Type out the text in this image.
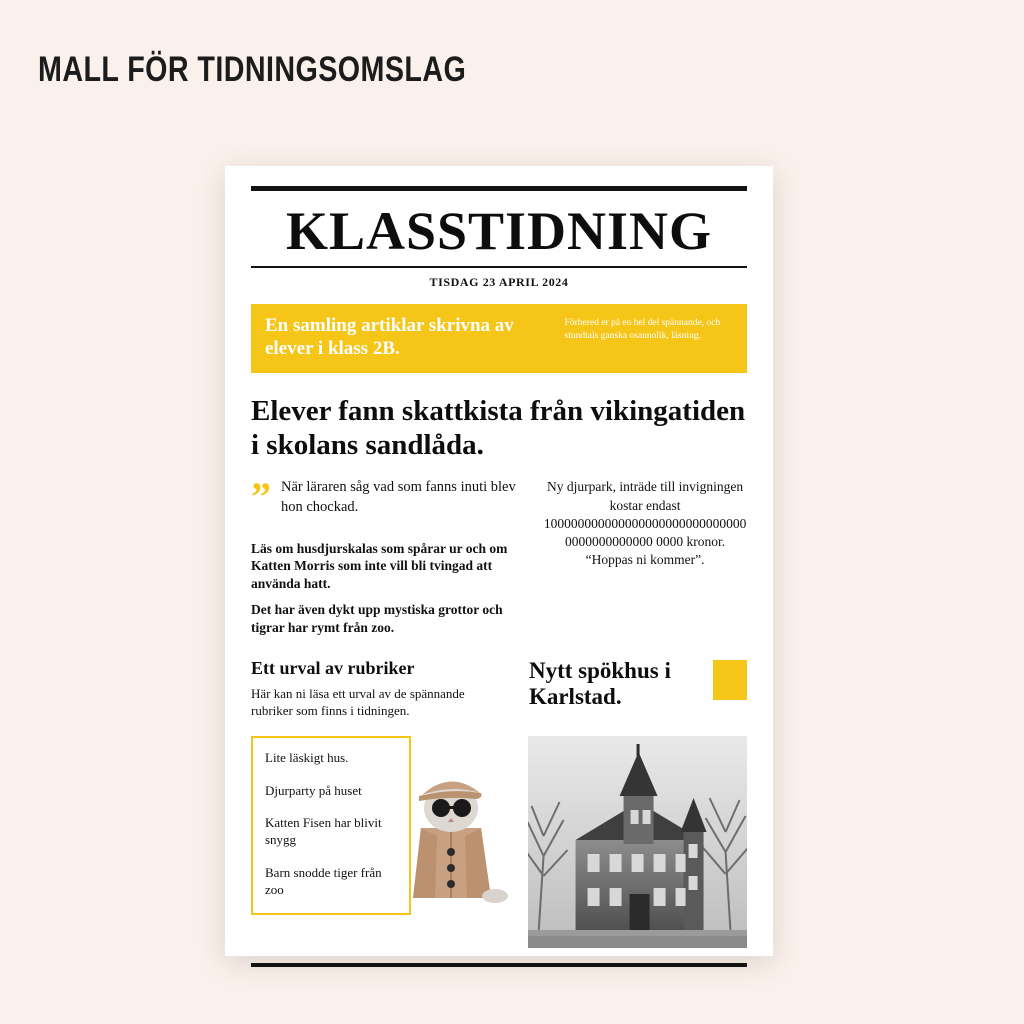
MALL FÖR TIDNINGSOMSLAG
KLASSTIDNING
TISDAG 23 APRIL 2024
En samling artiklar skrivna av elever i klass 2B.
Förbered er på en hel del spännande, och stundtals ganska osannolik, läsning.
Elever fann skattkista från vikingatiden i skolans sandlåda.
” När läraren såg vad som fanns inuti blev hon chockad.

Läs om husdjurskalas som spårar ur och om Katten Morris som inte vill bli tvingad att använda hatt.

Det har även dykt upp mystiska grottor och tigrar har rymt från zoo.

Ny djurpark, inträde till invigningen kostar endast 1000000000000000000000000000000000000000000 0000 kronor. “Hoppas ni kommer”.
Ett urval av rubriker
Här kan ni läsa ett urval av de spännande rubriker som finns i tidningen.
Nytt spökhus i Karlstad.
Lite läskigt hus.
Djurparty på huset
Katten Fisen har blivit snygg
Barn snodde tiger från zoo
